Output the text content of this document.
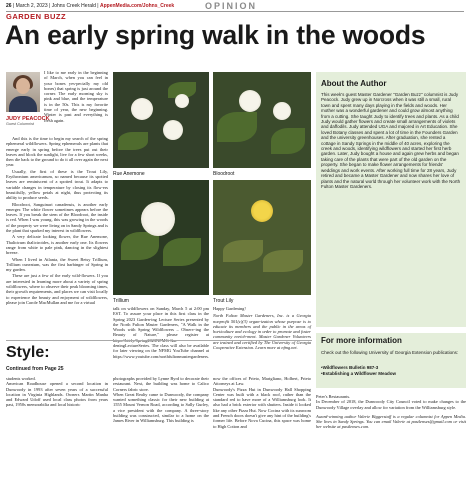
26 | March 2, 2023 | Johns Creek Herald | AppenMedia.com/Johns_Creek	OPINION
GARDEN BUZZ
An early spring walk in the woods
JUDY PEACOCK
Guest Columnist
I like to me early in the beginning of March, when you can feel in your bones yes-pecially my old bones) that spring is just around the corner. The early morning sky is pink and blue, and the temperature is in the 50s. This is my favorite time of year, the new beginning. Winter is past and everything is fresh again.

And this is the time to begin my search of the spring ephemeral wildflowers. Spring ephemerals are plants that emerge early in spring before the trees put out their leaves and block the sunlight, live for a few short weeks, then die back to the ground to do it all over again the next year.

Usually, the first of these is the Trout Lily, Erythronium americanum, so named because its spotted leaves are reminiscent of a spotted trout. It adapts to variable changes in temperature by closing its flow-ers beautifully, yellow petals at night, thus protecting its ability to produce seeds.

Bloodroot, Sanguinari canadensis, is another early emerger. The white flower sometimes appears before the leaves. If you break the stem of the Bloodroot, the inside is red. When I was young, this was growing in the woods of the property we were living on in Sandy Springs and is the plant that sparked my interest in wildflowers.

A very delicate looking flower, the Rue Anemone, Thalictrum thalictroides, is another early one. Its flowers range from white to pale pink, dancing in the slightest breeze.

When I lived in Atlanta, the Sweet Betsy Trillium, Trillium cuneatum, was the first harbinger of Spring in my garden.

These are just a few of the early wild-flowers. If you are interested in learning more about a variety of spring wildflowers, where to observe their peak blooming times, their growth requirements, and places we can visit locally to experience the beauty and enjoyment of wildflowers, please join Carole MacMullan and me for a virtual

Rue Anemone	Bloodroot
Trillium	Trout Lily
talk on wildflowers on Sunday, March 5 at 2:00 pm EST. To assure your place in this first class in the Spring 2023 Garden-ing Lecture Series presented by the North Fulton Master Gardeners, "A Walk in the Woods with Spring Wildflowers – Observ-ing the Beauty of Nature," please register at https://bit.ly/Spring2023NFMG-Gar-deningLectureSeries. The class will also be available for later viewing on the NFMG YouTube channel at https://www.youtube.com/northfultonmastergardeners.
Happy Gardening!
North Fulton Master Gardeners, Inc. is a Georgia nonprofit 501(c)(3) organ-ization whose purpose is to educate its members and the public in the areas of horticulture and ecology in order to promote and foster community enrich-ment. Master Gardener Volunteers are trained and certified by The University of Georgia Cooperative Extension. Learn more at nfmg.net.
About the Author
This week's guest Master Gardener "Garden Buzz" columnist is Judy Peacock. Judy grew up in Norcross when it was still a small, rural town and spent many days playing in the fields and woods. Her mother was a wonderful gardener and could grow almost anything from a cutting. She taught Judy to identify trees and plants. As a child Judy would gather flowers and create small arrangements of violets and daffodils. Judy attended UGA and majored in Art Education. She loved Botany classes and spent a lot of time in the Founders Garden and the university greenhouses. After graduation, she rented a cottage in Sandy Springs in the middle of 40 acres, exploring the creek and woods, identifying wildflowers and started her first herb garden. Later, Judy bought a house and again grew herbs and began taking care of the plants that were part of the old garden on the property. She began to make flower arrangements for friends' weddings and work events. After working full time for 28 years, Judy retired and became a Master Gardener and now shares her love of plants and the natural world through her volunteer work with the North Fulton Master Gardeners.
For more information
Check out the following University of Georgia Extension publications:
•Wildflowers Bulletin 987-3
•Establishing a Wildflower Meadow
Style:
Continued from Page 25
students worked.
American Roadhouse opened a second location in Dunwoody in 1993 after seven years of a successful location in Virginia Highlands. Owners Martin Manha and Edward Udoff used local class photos from years past, 1950s memorabilia and local historic
photographs provided by Lynne Byrd to decorate their restaurant. Next, the building was home to Calico Corners fabric store.
When Great Realty came to Dunwoody, the company wanted something classic for their new building at 1555 Mount Vernon Road, according to Sally Gurley, a vice president with the company. A three-story building was constructed, similar to a home on the James River in Williamsburg. This building is
now the offices of Prieto, Marigliano, Holbert, Prieto Attorneys at Law.
Dunwoody's Pizza Hut in Dunwoody Hall Shopping Center was built with a black roof, rather than the standard red to have more of a Williamsburg look. It also had a brick exterior with shutters. Inside it looked like any other Pizza Hut. Now Cocina with its sunroom and French doors doesn't give any hint of the building's former life. Before Nova Cucina, this space was home to High Cotton and
Peter's Restaurants.
In December of 2018, the Dunwoody City Council voted to make changes to the Dunwoody Village overlay and allow for variation from the Williamsburg style.
Award-winning author Valerie Biggerstaff is a regular columnist for Appen Media. She lives in Sandy Springs. You can email Valerie at pastlenses@gmail.com or visit her website at pastlenses.com.
